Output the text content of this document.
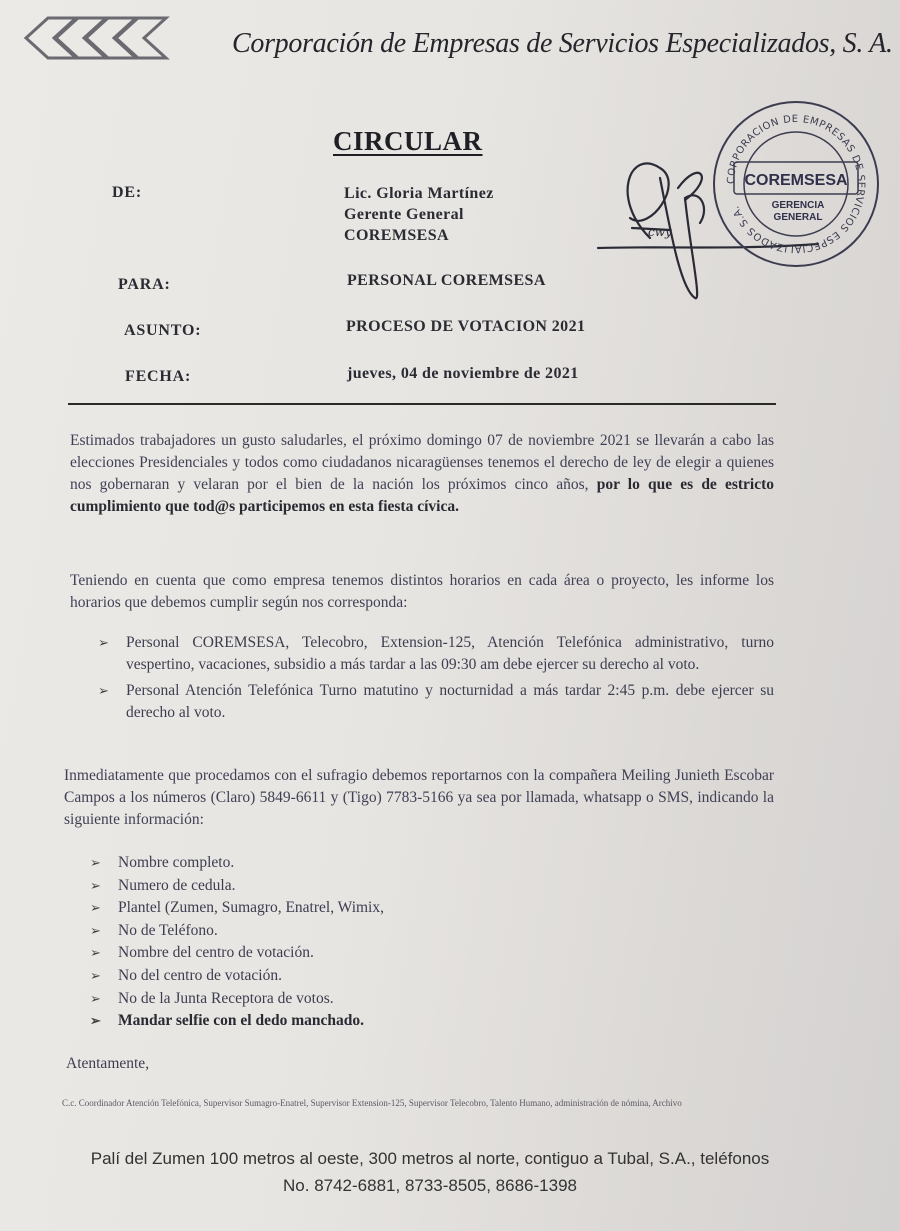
Corporación de Empresas de Servicios Especializados, S. A.
CIRCULAR
DE:	Lic. Gloria Martínez
Gerente General
COREMSESA
PARA:	PERSONAL COREMSESA
ASUNTO:	PROCESO DE VOTACION 2021
FECHA:	jueves, 04 de noviembre de 2021
cwy
CORPORACION DE EMPRESAS DE SERVICIOS ESPECIALIZADOS S.A.
COREMSESA
GERENCIA
GENERAL
Estimados trabajadores un gusto saludarles, el próximo domingo 07 de noviembre 2021 se llevarán a cabo las elecciones Presidenciales y todos como ciudadanos nicaragüenses tenemos el derecho de ley de elegir a quienes nos gobernaran y velaran por el bien de la nación los próximos cinco años, por lo que es de estricto cumplimiento que tod@s participemos en esta fiesta cívica.
Teniendo en cuenta que como empresa tenemos distintos horarios en cada área o proyecto, les informe los horarios que debemos cumplir según nos corresponda:
➢ Personal COREMSESA, Telecobro, Extension-125, Atención Telefónica administrativo, turno vespertino, vacaciones, subsidio a más tardar a las 09:30 am debe ejercer su derecho al voto.
➢ Personal Atención Telefónica Turno matutino y nocturnidad a más tardar 2:45 p.m. debe ejercer su derecho al voto.
Inmediatamente que procedamos con el sufragio debemos reportarnos con la compañera Meiling Junieth Escobar Campos a los números (Claro) 5849-6611 y (Tigo) 7783-5166 ya sea por llamada, whatsapp o SMS, indicando la siguiente información:
➢ Nombre completo.
➢ Numero de cedula.
➢ Plantel (Zumen, Sumagro, Enatrel, Wimix,
➢ No de Teléfono.
➢ Nombre del centro de votación.
➢ No del centro de votación.
➢ No de la Junta Receptora de votos.
➢ Mandar selfie con el dedo manchado.
Atentamente,
C.c. Coordinador Atención Telefónica, Supervisor Sumagro-Enatrel, Supervisor Extension-125, Supervisor Telecobro, Talento Humano, administración de nómina, Archivo
Palí del Zumen 100 metros al oeste, 300 metros al norte, contiguo a Tubal, S.A., teléfonos
No. 8742-6881, 8733-8505, 8686-1398
